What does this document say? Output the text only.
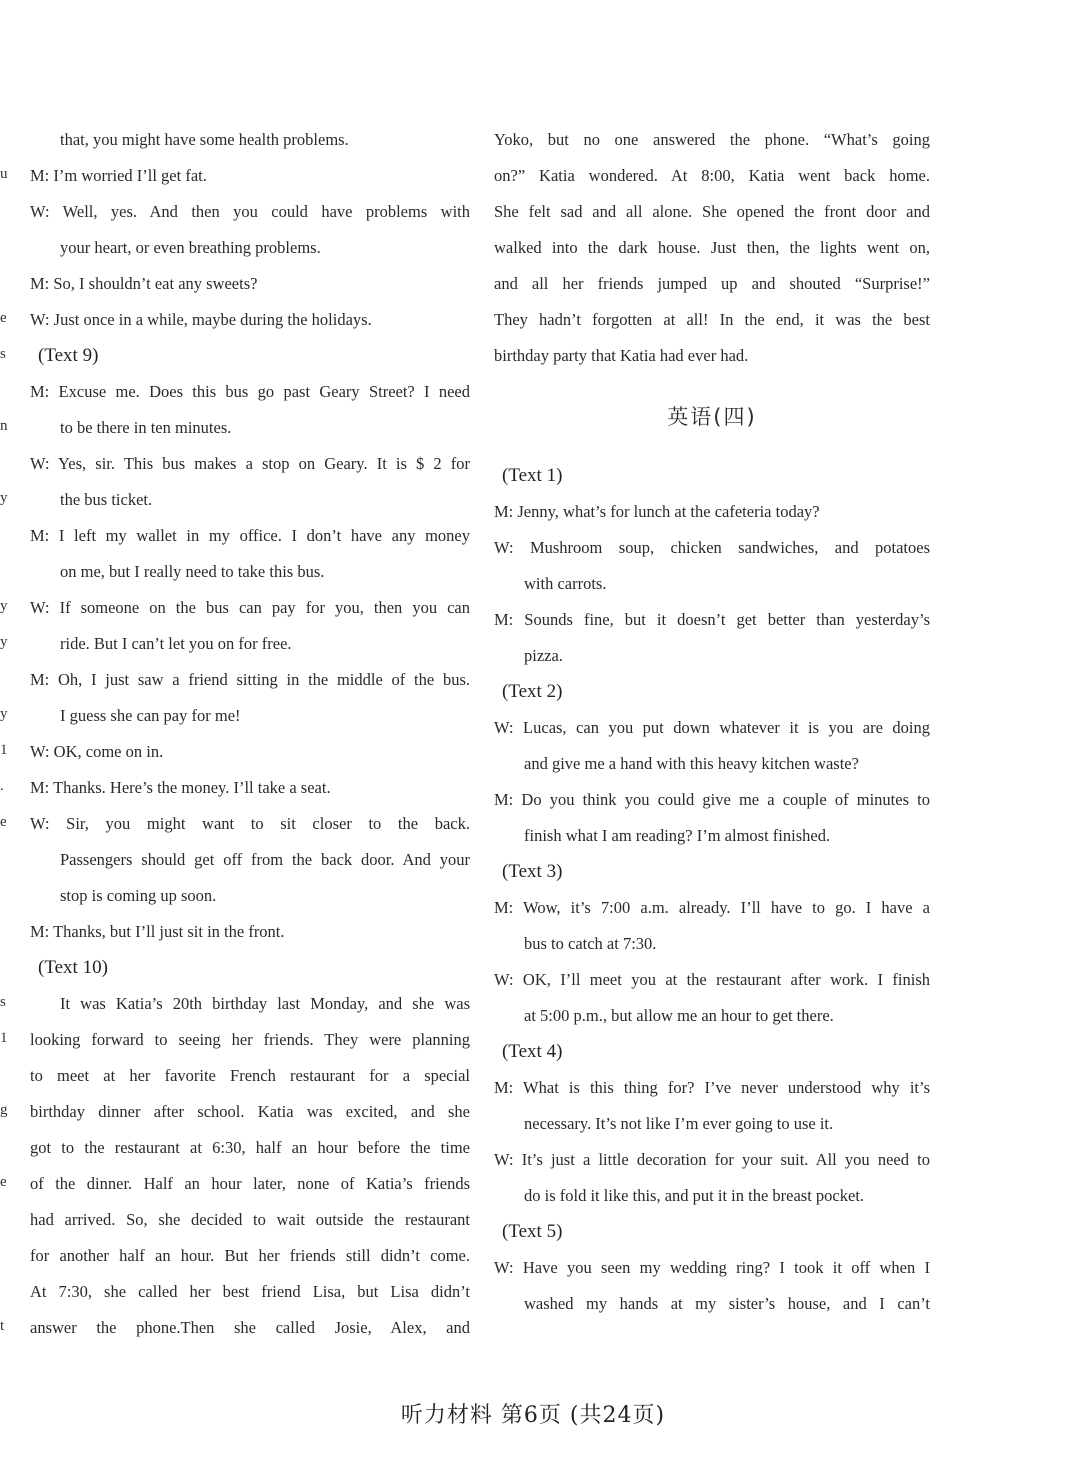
that, you might have some health problems.
M: I’m worried I’ll get fat.
W: Well, yes. And then you could have problems with
your heart, or even breathing problems.
M: So, I shouldn’t eat any sweets?
W: Just once in a while, maybe during the holidays.
(Text 9)
M: Excuse me. Does this bus go past Geary Street? I need
to be there in ten minutes.
W: Yes, sir. This bus makes a stop on Geary. It is $ 2 for
the bus ticket.
M: I left my wallet in my office. I don’t have any money
on me, but I really need to take this bus.
W: If someone on the bus can pay for you, then you can
ride. But I can’t let you on for free.
M: Oh, I just saw a friend sitting in the middle of the bus.
I guess she can pay for me!
W: OK, come on in.
M: Thanks. Here’s the money. I’ll take a seat.
W: Sir, you might want to sit closer to the back.
Passengers should get off from the back door. And your
stop is coming up soon.
M: Thanks, but I’ll just sit in the front.
(Text 10)
It was Katia’s 20th birthday last Monday, and she was
looking forward to seeing her friends. They were planning
to meet at her favorite French restaurant for a special
birthday dinner after school. Katia was excited, and she
got to the restaurant at 6:30, half an hour before the time
of the dinner. Half an hour later, none of Katia’s friends
had arrived. So, she decided to wait outside the restaurant
for another half an hour. But her friends still didn’t come.
At 7:30, she called her best friend Lisa, but Lisa didn’t
answer the phone.Then she called Josie, Alex, and
Yoko, but no one answered the phone. “What’s going
on?” Katia wondered. At 8:00, Katia went back home.
She felt sad and all alone. She opened the front door and
walked into the dark house. Just then, the lights went on,
and all her friends jumped up and shouted “Surprise!”
They hadn’t forgotten at all! In the end, it was the best
birthday party that Katia had ever had.
英语(四)
(Text 1)
M: Jenny, what’s for lunch at the cafeteria today?
W: Mushroom soup, chicken sandwiches, and potatoes
with carrots.
M: Sounds fine, but it doesn’t get better than yesterday’s
pizza.
(Text 2)
W: Lucas, can you put down whatever it is you are doing
and give me a hand with this heavy kitchen waste?
M: Do you think you could give me a couple of minutes to
finish what I am reading? I’m almost finished.
(Text 3)
M: Wow, it’s 7:00 a.m. already. I’ll have to go. I have a
bus to catch at 7:30.
W: OK, I’ll meet you at the restaurant after work. I finish
at 5:00 p.m., but allow me an hour to get there.
(Text 4)
M: What is this thing for? I’ve never understood why it’s
necessary. It’s not like I’m ever going to use it.
W: It’s just a little decoration for your suit. All you need to
do is fold it like this, and put it in the breast pocket.
(Text 5)
W: Have you seen my wedding ring? I took it off when I
washed my hands at my sister’s house, and I can’t
u
e
s
n
y
y
y
y
1
.
e
s
1
g
e
t
听力材料 第6页 (共24页)
